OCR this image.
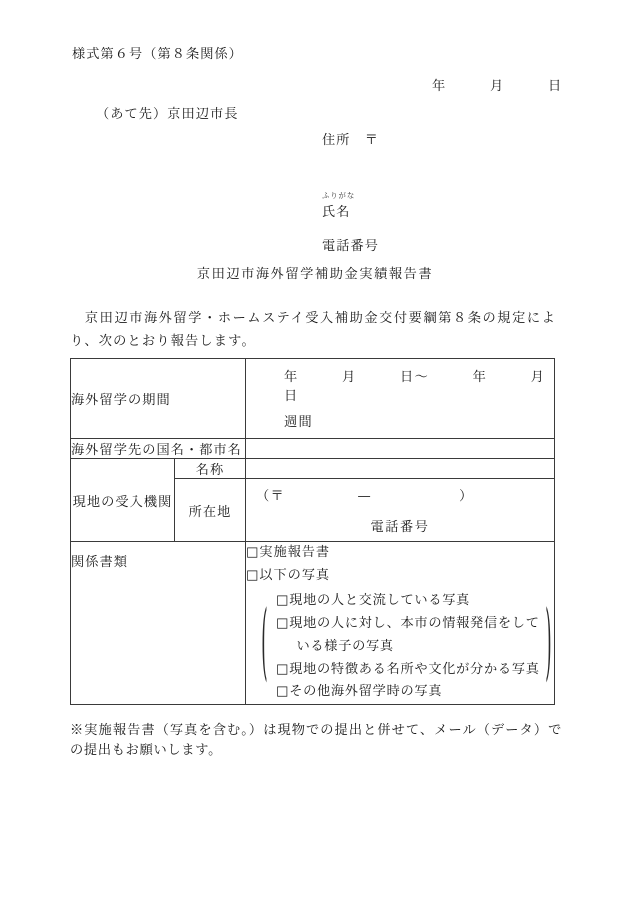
様式第６号（第８条関係）
年　　　月　　　日
（あて先）京田辺市長
住所　〒
ふりがな
氏名
電話番号
京田辺市海外留学補助金実績報告書
京田辺市海外留学・ホームステイ受入補助金交付要綱第８条の規定により、次のとおり報告します。
海外留学の期間		年　　　月　　　日〜　　　年　　　月　　　日
週間

海外留学先の国名・都市名		
現地の受入機関	名称	
	所在地	（〒　　　　　—　　　　　　）
電話番号

関係書類	
□実施報告書
□以下の写真
(	)
□現地の人と交流している写真
□現地の人に対し、本市の情報発信をして
いる様子の写真
□現地の特徴ある名所や文化が分かる写真
□その他海外留学時の写真
※実施報告書（写真を含む。）は現物での提出と併せて、メール（データ）での提出もお願いします。
